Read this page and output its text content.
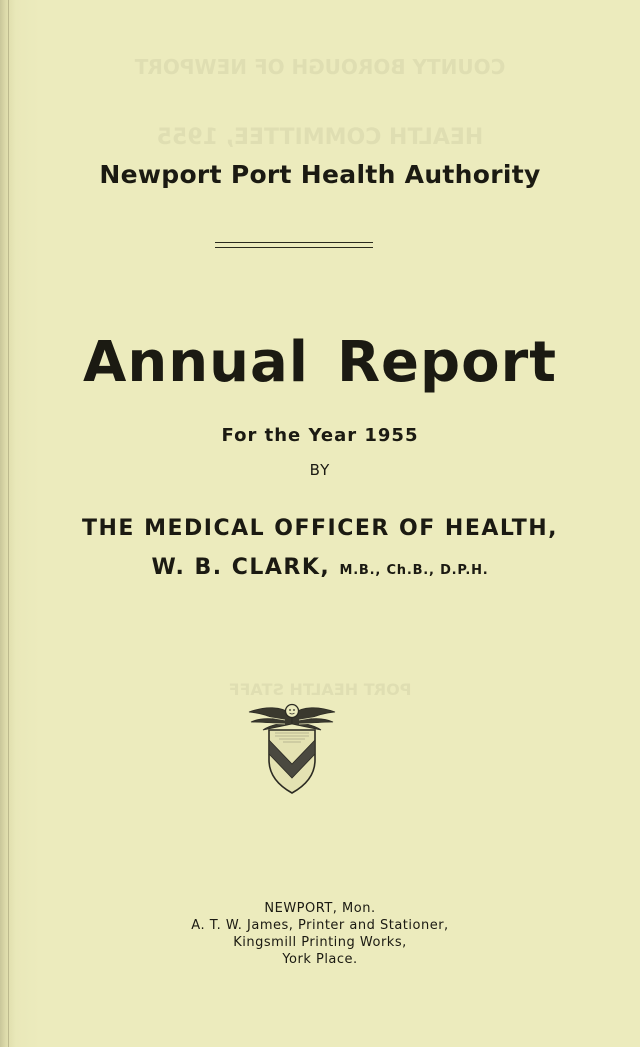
COUNTY BOROUGH OF NEWPORT
HEALTH COMMITTEE, 1955
PORT HEALTH STAFF
Newport Port Health Authority
Annual Report
For the Year 1955
BY
THE MEDICAL OFFICER OF HEALTH,
W. B. CLARK, M.B., Ch.B., D.P.H.
NEWPORT, Mon.
A. T. W. James, Printer and Stationer,
Kingsmill Printing Works,
York Place.
